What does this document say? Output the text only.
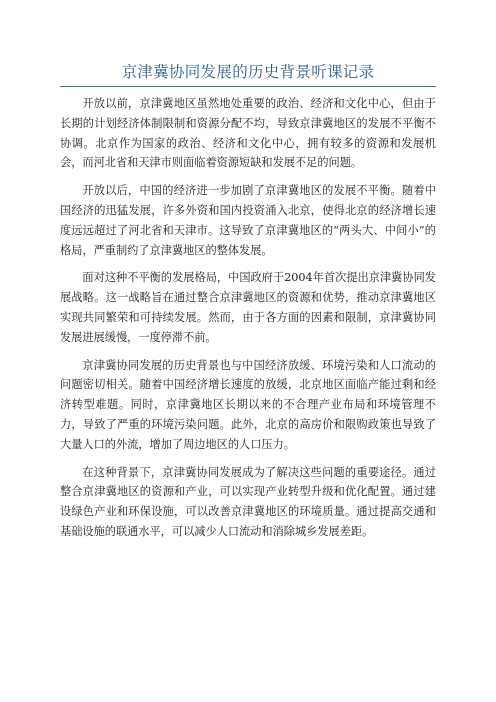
京津冀协同发展的历史背景听课记录

开放以前，京津冀地区虽然地处重要的政治、经济和文化中心，但由于长期的计划经济体制限制和资源分配不均，导致京津冀地区的发展不平衡不协调。北京作为国家的政治、经济和文化中心，拥有较多的资源和发展机会，而河北省和天津市则面临着资源短缺和发展不足的问题。

开放以后，中国的经济进一步加剧了京津冀地区的发展不平衡。随着中国经济的迅猛发展，许多外资和国内投资涌入北京，使得北京的经济增长速度远远超过了河北省和天津市。这导致了京津冀地区的“两头大、中间小”的格局，严重制约了京津冀地区的整体发展。

面对这种不平衡的发展格局，中国政府于2004年首次提出京津冀协同发展战略。这一战略旨在通过整合京津冀地区的资源和优势，推动京津冀地区实现共同繁荣和可持续发展。然而，由于各方面的因素和限制，京津冀协同发展进展缓慢，一度停滞不前。

京津冀协同发展的历史背景也与中国经济放缓、环境污染和人口流动的问题密切相关。随着中国经济增长速度的放缓，北京地区面临产能过剩和经济转型难题。同时，京津冀地区长期以来的不合理产业布局和环境管理不力，导致了严重的环境污染问题。此外，北京的高房价和限购政策也导致了大量人口的外流，增加了周边地区的人口压力。

在这种背景下，京津冀协同发展成为了解决这些问题的重要途径。通过整合京津冀地区的资源和产业，可以实现产业转型升级和优化配置。通过建设绿色产业和环保设施，可以改善京津冀地区的环境质量。通过提高交通和基础设施的联通水平，可以减少人口流动和消除城乡发展差距。
